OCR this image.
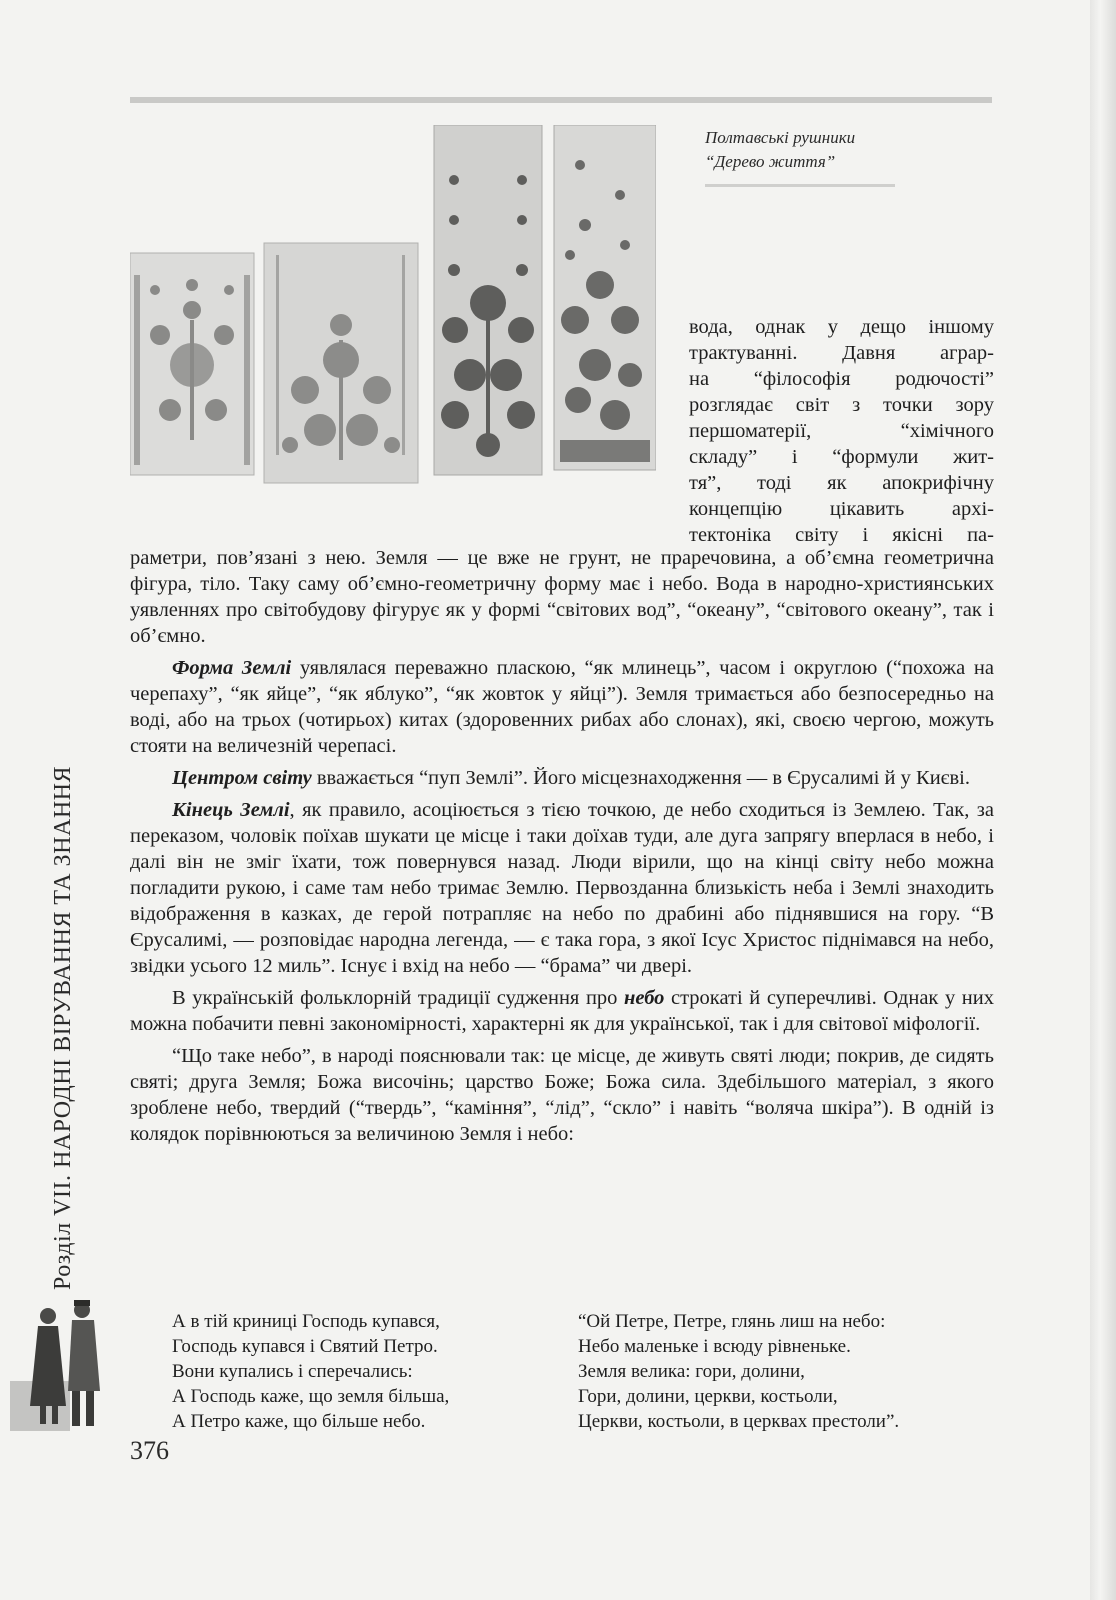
Полтавські рушники
“Дерево життя”
вода, однак у дещо іншому
трактуванні. Давня аграр-
на “філософія родючості”
розглядає світ з точки зору
першоматерії, “хімічного
складу” і “формули жит-
тя”, тоді як апокрифічну
концепцію цікавить архі-
тектоніка світу і якісні па-

раметри, пов’язані з нею. Земля — це вже не грунт, не праречовина, а об’ємна геометрична фігура, тіло. Таку саму об’ємно-геометричну форму має і небо. Вода в народно-християнських уявленнях про світобудову фігурує як у формі “світових вод”, “океану”, “світового океану”, так і об’ємно.

Форма Землі уявлялася переважно пласкою, “як млинець”, часом і округлою (“похожа на черепаху”, “як яйце”, “як яблуко”, “як жовток у яйці”). Земля тримається або безпосередньо на воді, або на трьох (чотирьох) китах (здоровенних рибах або слонах), які, своєю чергою, можуть стояти на величезній черепасі.

Центром світу вважається “пуп Землі”. Його місцезнаходження — в Єрусалимі й у Києві.

Кінець Землі, як правило, асоціюється з тією точкою, де небо сходиться із Землею. Так, за переказом, чоловік поїхав шукати це місце і таки доїхав туди, але дуга запрягу вперлася в небо, і далі він не зміг їхати, тож повернувся назад. Люди вірили, що на кінці світу небо можна погладити рукою, і саме там небо тримає Землю. Первозданна близькість неба і Землі знаходить відображення в казках, де герой потрапляє на небо по драбині або піднявшися на гору. “В Єрусалимі, — розповідає народна легенда, — є така гора, з якої Ісус Христос піднімався на небо, звідки усього 12 миль”. Існує і вхід на небо — “брама” чи двері.

В українській фольклорній традиції судження про небо строкаті й суперечливі. Однак у них можна побачити певні закономірності, характерні як для української, так і для світової міфології.

“Що таке небо”, в народі пояснювали так: це місце, де живуть святі люди; покрив, де сидять святі; друга Земля; Божа височінь; царство Боже; Божа сила. Здебільшого матеріал, з якого зроблене небо, твердий (“твердь”, “каміння”, “лід”, “скло” і навіть “воляча шкіра”). В одній із колядок порівнюються за величиною Земля і небо:

А в тій криниці Господь купався,
Господь купався і Святий Петро.
Вони купались і сперечались:
А Господь каже, що земля більша,
А Петро каже, що більше небо.
“Ой Петре, Петре, глянь лиш на небо:
Небо маленьке і всюду рівненьке.
Земля велика: гори, долини,
Гори, долини, церкви, костьоли,
Церкви, костьоли, в церквах престоли”.
Розділ VII. НАРОДНІ ВІРУВАННЯ ТА ЗНАННЯ
376
